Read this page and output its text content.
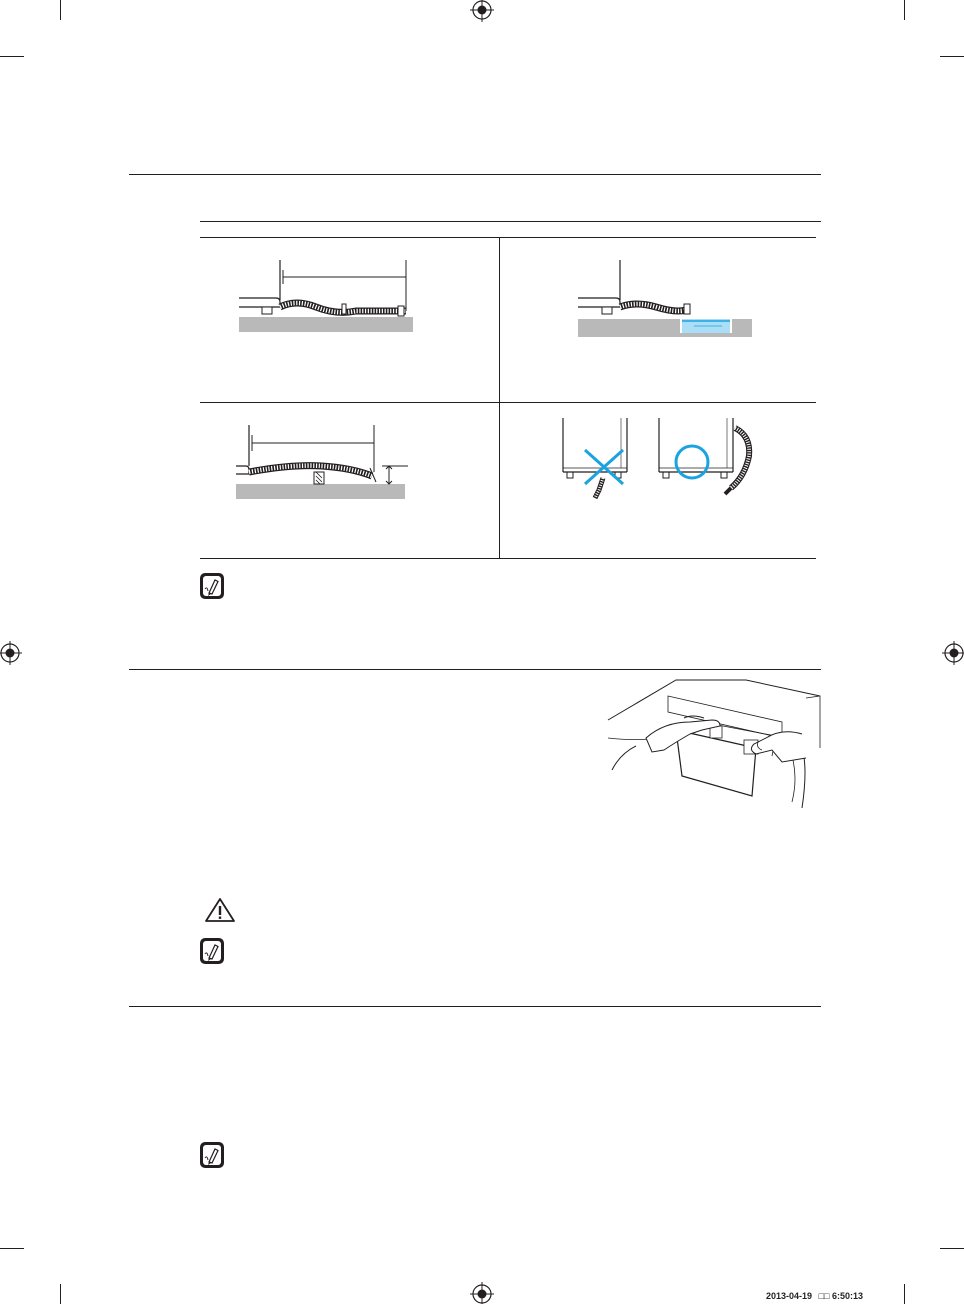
2013-04-19 □□ 6:50:13
